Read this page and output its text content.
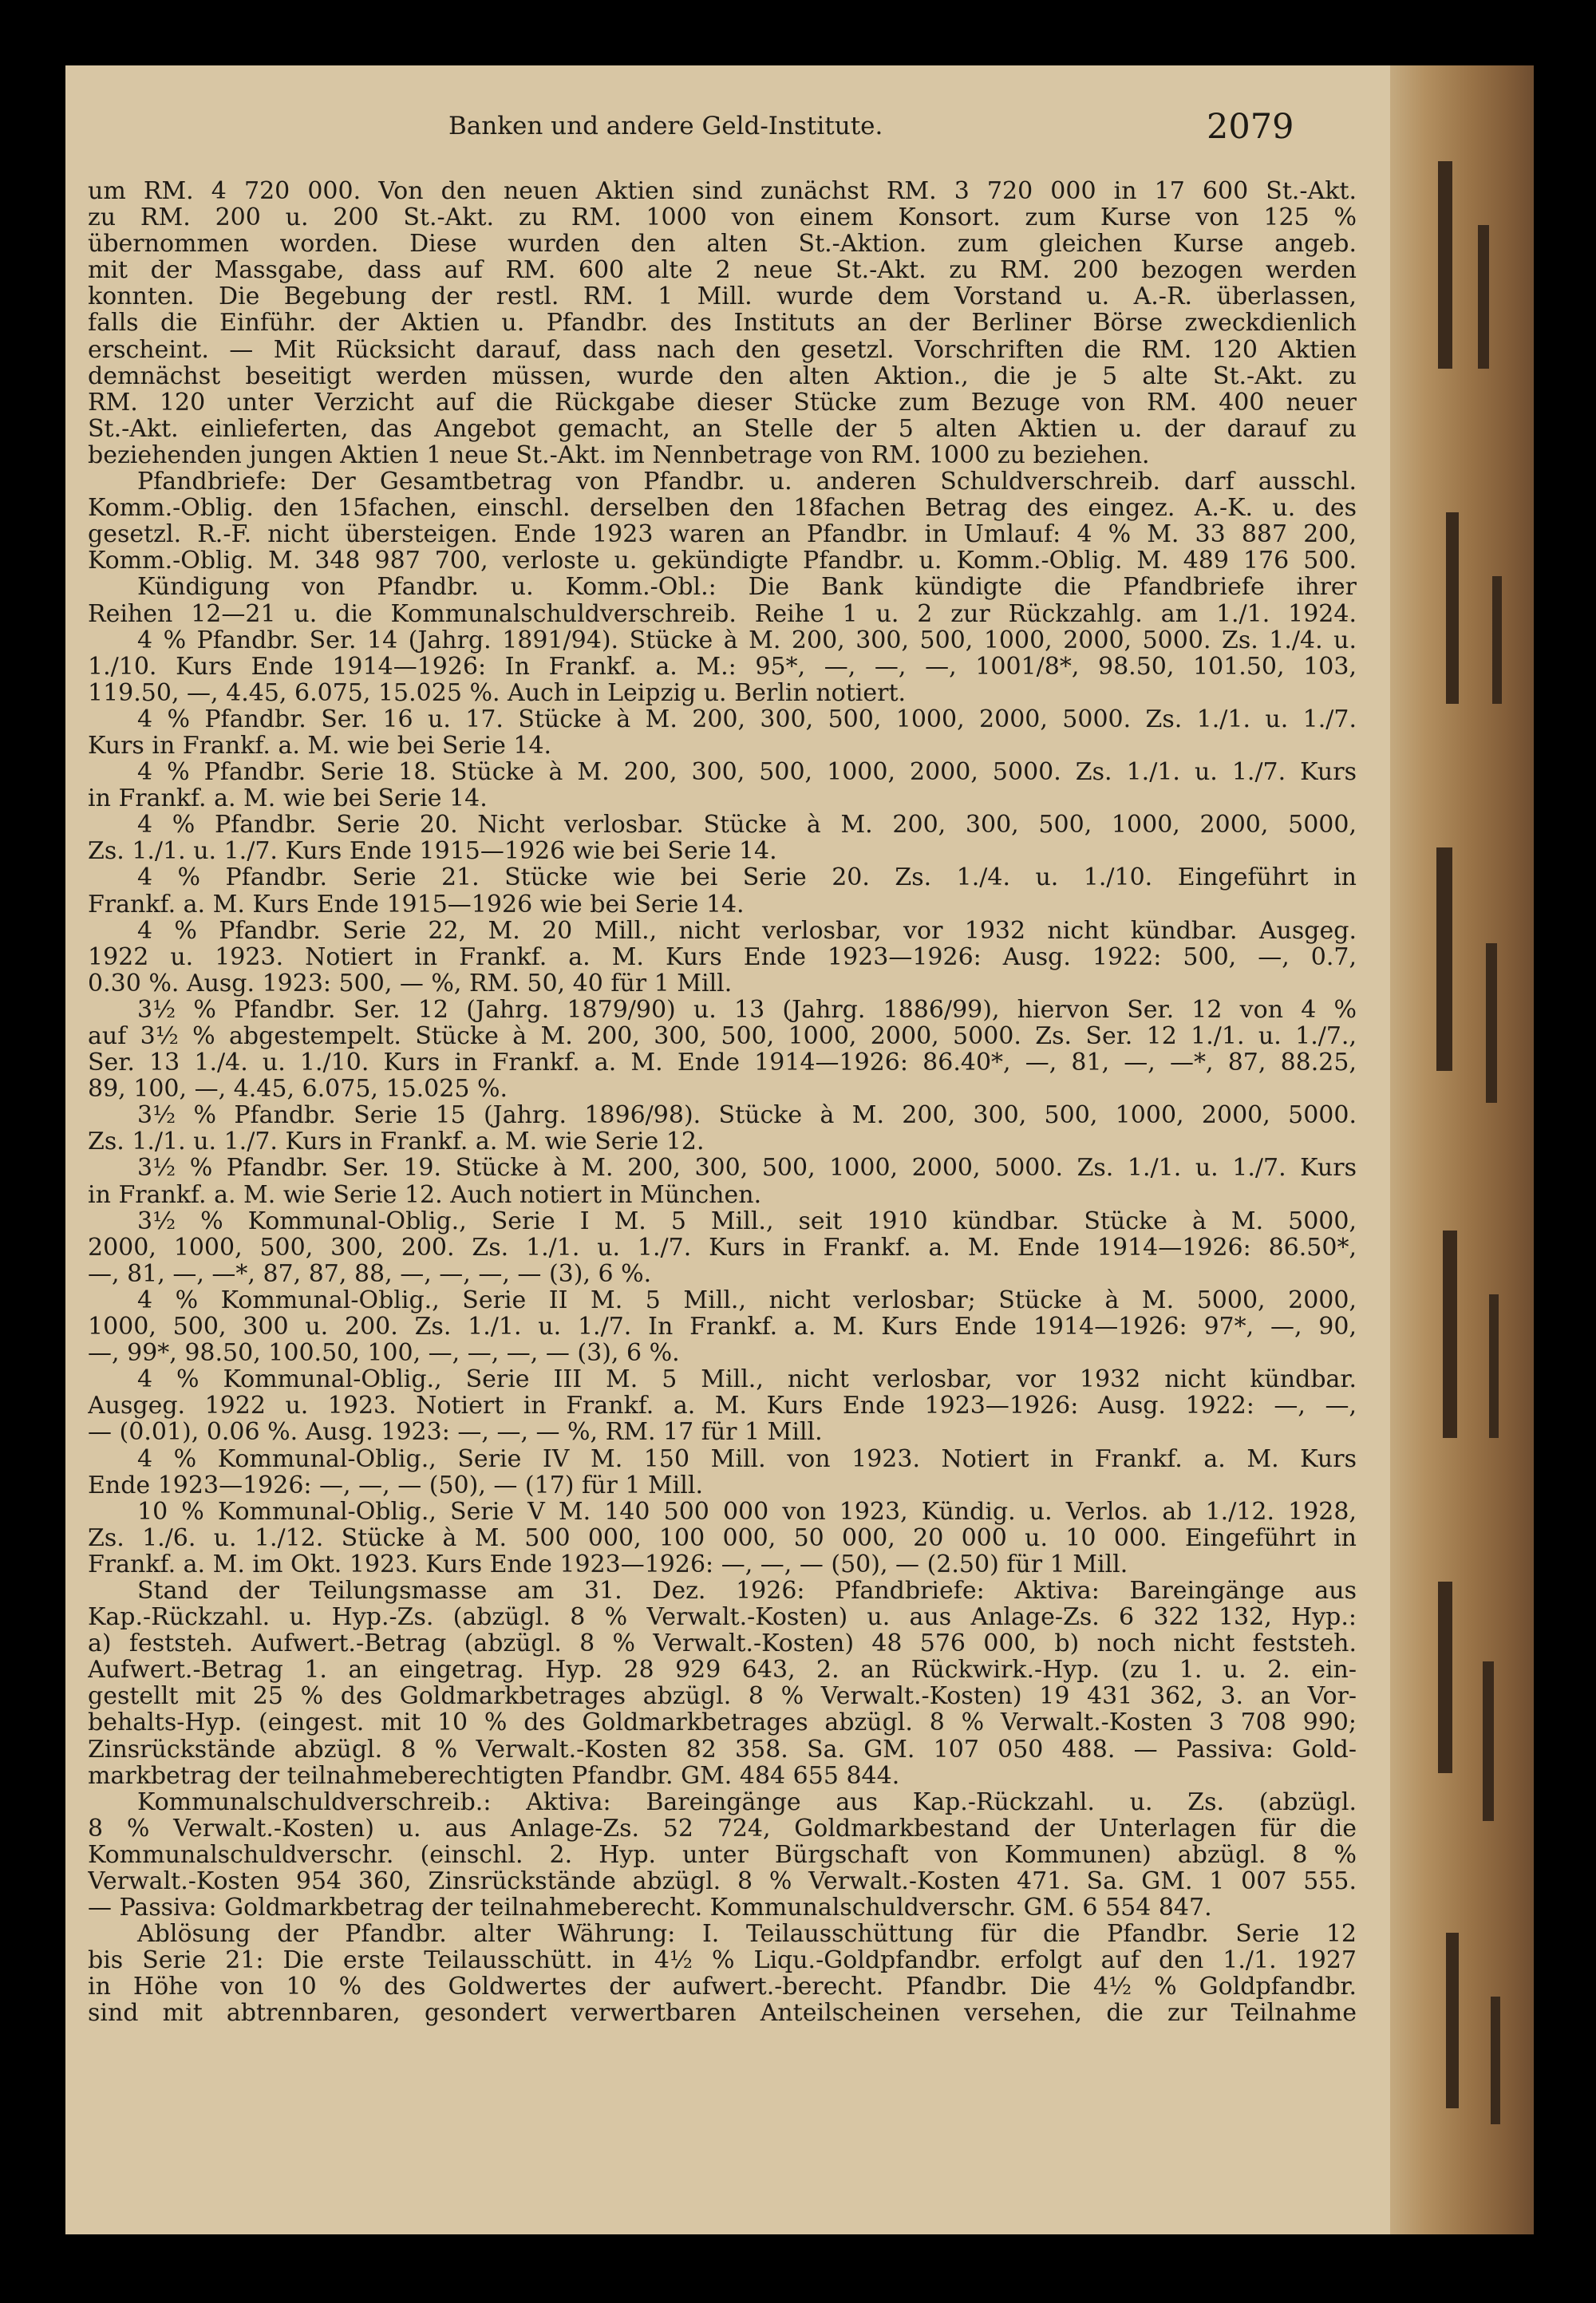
Banken und andere Geld-Institute.	2079
um RM. 4 720 000. Von den neuen Aktien sind zunächst RM. 3 720 000 in 17 600 St.-Akt.
zu RM. 200 u. 200 St.-Akt. zu RM. 1000 von einem Konsort. zum Kurse von 125 %
übernommen worden. Diese wurden den alten St.-Aktion. zum gleichen Kurse angeb.
mit der Massgabe, dass auf RM. 600 alte 2 neue St.-Akt. zu RM. 200 bezogen werden
konnten. Die Begebung der restl. RM. 1 Mill. wurde dem Vorstand u. A.-R. überlassen,
falls die Einführ. der Aktien u. Pfandbr. des Instituts an der Berliner Börse zweckdienlich
erscheint. — Mit Rücksicht darauf, dass nach den gesetzl. Vorschriften die RM. 120 Aktien
demnächst beseitigt werden müssen, wurde den alten Aktion., die je 5 alte St.-Akt. zu
RM. 120 unter Verzicht auf die Rückgabe dieser Stücke zum Bezuge von RM. 400 neuer
St.-Akt. einlieferten, das Angebot gemacht, an Stelle der 5 alten Aktien u. der darauf zu
beziehenden jungen Aktien 1 neue St.-Akt. im Nennbetrage von RM. 1000 zu beziehen.
Pfandbriefe: Der Gesamtbetrag von Pfandbr. u. anderen Schuldverschreib. darf ausschl.
Komm.-Oblig. den 15fachen, einschl. derselben den 18fachen Betrag des eingez. A.-K. u. des
gesetzl. R.-F. nicht übersteigen. Ende 1923 waren an Pfandbr. in Umlauf: 4 % M. 33 887 200,
Komm.-Oblig. M. 348 987 700, verloste u. gekündigte Pfandbr. u. Komm.-Oblig. M. 489 176 500.
Kündigung von Pfandbr. u. Komm.-Obl.: Die Bank kündigte die Pfandbriefe ihrer
Reihen 12—21 u. die Kommunalschuldverschreib. Reihe 1 u. 2 zur Rückzahlg. am 1./1. 1924.
4 % Pfandbr. Ser. 14 (Jahrg. 1891/94). Stücke à M. 200, 300, 500, 1000, 2000, 5000. Zs. 1./4. u.
1./10. Kurs Ende 1914—1926: In Frankf. a. M.: 95*, —, —, —, 1001/8*, 98.50, 101.50, 103,
119.50, —, 4.45, 6.075, 15.025 %. Auch in Leipzig u. Berlin notiert.
4 % Pfandbr. Ser. 16 u. 17. Stücke à M. 200, 300, 500, 1000, 2000, 5000. Zs. 1./1. u. 1./7.
Kurs in Frankf. a. M. wie bei Serie 14.
4 % Pfandbr. Serie 18. Stücke à M. 200, 300, 500, 1000, 2000, 5000. Zs. 1./1. u. 1./7. Kurs
in Frankf. a. M. wie bei Serie 14.
4 % Pfandbr. Serie 20. Nicht verlosbar. Stücke à M. 200, 300, 500, 1000, 2000, 5000,
Zs. 1./1. u. 1./7. Kurs Ende 1915—1926 wie bei Serie 14.
4 % Pfandbr. Serie 21. Stücke wie bei Serie 20. Zs. 1./4. u. 1./10. Eingeführt in
Frankf. a. M. Kurs Ende 1915—1926 wie bei Serie 14.
4 % Pfandbr. Serie 22, M. 20 Mill., nicht verlosbar, vor 1932 nicht kündbar. Ausgeg.
1922 u. 1923. Notiert in Frankf. a. M. Kurs Ende 1923—1926: Ausg. 1922: 500, —, 0.7,
0.30 %. Ausg. 1923: 500, — %, RM. 50, 40 für 1 Mill.
3½ % Pfandbr. Ser. 12 (Jahrg. 1879/90) u. 13 (Jahrg. 1886/99), hiervon Ser. 12 von 4 %
auf 3½ % abgestempelt. Stücke à M. 200, 300, 500, 1000, 2000, 5000. Zs. Ser. 12 1./1. u. 1./7.,
Ser. 13 1./4. u. 1./10. Kurs in Frankf. a. M. Ende 1914—1926: 86.40*, —, 81, —, —*, 87, 88.25,
89, 100, —, 4.45, 6.075, 15.025 %.
3½ % Pfandbr. Serie 15 (Jahrg. 1896/98). Stücke à M. 200, 300, 500, 1000, 2000, 5000.
Zs. 1./1. u. 1./7. Kurs in Frankf. a. M. wie Serie 12.
3½ % Pfandbr. Ser. 19. Stücke à M. 200, 300, 500, 1000, 2000, 5000. Zs. 1./1. u. 1./7. Kurs
in Frankf. a. M. wie Serie 12. Auch notiert in München.
3½ % Kommunal-Oblig., Serie I M. 5 Mill., seit 1910 kündbar. Stücke à M. 5000,
2000, 1000, 500, 300, 200. Zs. 1./1. u. 1./7. Kurs in Frankf. a. M. Ende 1914—1926: 86.50*,
—, 81, —, —*, 87, 87, 88, —, —, —, — (3), 6 %.
4 % Kommunal-Oblig., Serie II M. 5 Mill., nicht verlosbar; Stücke à M. 5000, 2000,
1000, 500, 300 u. 200. Zs. 1./1. u. 1./7. In Frankf. a. M. Kurs Ende 1914—1926: 97*, —, 90,
—, 99*, 98.50, 100.50, 100, —, —, —, — (3), 6 %.
4 % Kommunal-Oblig., Serie III M. 5 Mill., nicht verlosbar, vor 1932 nicht kündbar.
Ausgeg. 1922 u. 1923. Notiert in Frankf. a. M. Kurs Ende 1923—1926: Ausg. 1922: —, —,
— (0.01), 0.06 %. Ausg. 1923: —, —, — %, RM. 17 für 1 Mill.
4 % Kommunal-Oblig., Serie IV M. 150 Mill. von 1923. Notiert in Frankf. a. M. Kurs
Ende 1923—1926: —, —, — (50), — (17) für 1 Mill.
10 % Kommunal-Oblig., Serie V M. 140 500 000 von 1923, Kündig. u. Verlos. ab 1./12. 1928,
Zs. 1./6. u. 1./12. Stücke à M. 500 000, 100 000, 50 000, 20 000 u. 10 000. Eingeführt in
Frankf. a. M. im Okt. 1923. Kurs Ende 1923—1926: —, —, — (50), — (2.50) für 1 Mill.
Stand der Teilungsmasse am 31. Dez. 1926: Pfandbriefe: Aktiva: Bareingänge aus
Kap.-Rückzahl. u. Hyp.-Zs. (abzügl. 8 % Verwalt.-Kosten) u. aus Anlage-Zs. 6 322 132, Hyp.:
a) feststeh. Aufwert.-Betrag (abzügl. 8 % Verwalt.-Kosten) 48 576 000, b) noch nicht feststeh.
Aufwert.-Betrag 1. an eingetrag. Hyp. 28 929 643, 2. an Rückwirk.-Hyp. (zu 1. u. 2. ein-
gestellt mit 25 % des Goldmarkbetrages abzügl. 8 % Verwalt.-Kosten) 19 431 362, 3. an Vor-
behalts-Hyp. (eingest. mit 10 % des Goldmarkbetrages abzügl. 8 % Verwalt.-Kosten 3 708 990;
Zinsrückstände abzügl. 8 % Verwalt.-Kosten 82 358. Sa. GM. 107 050 488. — Passiva: Gold-
markbetrag der teilnahmeberechtigten Pfandbr. GM. 484 655 844.
Kommunalschuldverschreib.: Aktiva: Bareingänge aus Kap.-Rückzahl. u. Zs. (abzügl.
8 % Verwalt.-Kosten) u. aus Anlage-Zs. 52 724, Goldmarkbestand der Unterlagen für die
Kommunalschuldverschr. (einschl. 2. Hyp. unter Bürgschaft von Kommunen) abzügl. 8 %
Verwalt.-Kosten 954 360, Zinsrückstände abzügl. 8 % Verwalt.-Kosten 471. Sa. GM. 1 007 555.
— Passiva: Goldmarkbetrag der teilnahmeberecht. Kommunalschuldverschr. GM. 6 554 847.
Ablösung der Pfandbr. alter Währung: I. Teilausschüttung für die Pfandbr. Serie 12
bis Serie 21: Die erste Teilausschütt. in 4½ % Liqu.-Goldpfandbr. erfolgt auf den 1./1. 1927
in Höhe von 10 % des Goldwertes der aufwert.-berecht. Pfandbr. Die 4½ % Goldpfandbr.
sind mit abtrennbaren, gesondert verwertbaren Anteilscheinen versehen, die zur Teilnahme
